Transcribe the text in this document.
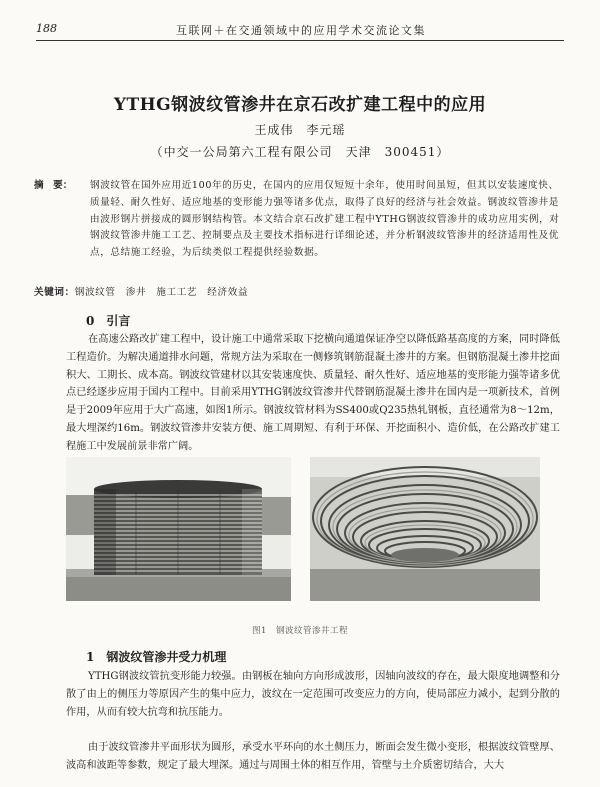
188	互联网＋在交通领域中的应用学术交流论文集
YTHG钢波纹管渗井在京石改扩建工程中的应用
王成伟　李元瑶
（中交一公局第六工程有限公司　天津　300451）
摘　要：	钢波纹管在国外应用近100年的历史，在国内的应用仅短短十余年，使用时间虽短，但其以安装速度快、质量轻、耐久性好、适应地基的变形能力强等诸多优点，取得了良好的经济与社会效益。钢波纹管渗井是由波形钢片拼接成的圆形钢结构管。本文结合京石改扩建工程中YTHG钢波纹管渗井的成功应用实例，对钢波纹管渗井施工工艺、控制要点及主要技术指标进行详细论述，并分析钢波纹管渗井的经济适用性及优点，总结施工经验，为后续类似工程提供经验数据。
关键词：钢波纹管　渗井　施工工艺　经济效益
0 引言
在高速公路改扩建工程中，设计施工中通常采取下挖横向通道保证净空以降低路基高度的方案，同时降低工程造价。为解决通道排水问题，常规方法为采取在一侧修筑钢筋混凝土渗井的方案。但钢筋混凝土渗井挖面积大、工期长、成本高。钢波纹管建材以其安装速度快、质量轻、耐久性好、适应地基的变形能力强等诸多优点已经逐步应用于国内工程中。目前采用YTHG钢波纹管渗井代替钢筋混凝土渗井在国内是一项新技术，首例是于2009年应用于大广高速，如图1所示。钢波纹管材料为SS400或Q235热轧钢板，直径通常为8～12m，最大埋深约16m。钢波纹管渗井安装方便、施工周期短、有利于环保、开挖面积小、造价低，在公路改扩建工程施工中发展前景非常广阔。
图1　钢波纹管渗井工程
1 钢波纹管渗井受力机理
YTHG钢波纹管抗变形能力较强。由钢板在轴向方向形成波形，因轴向波纹的存在，最大限度地调整和分散了由上的侧压力等原因产生的集中应力，波纹在一定范围可改变应力的方向，使局部应力减小，起到分散的作用，从而有较大抗弯和抗压能力。
由于波纹管渗井平面形状为圆形，承受水平环向的水土侧压力，断面会发生微小变形，根据波纹管壁厚、波高和波距等参数，规定了最大埋深。通过与周围土体的相互作用，管壁与土介质密切结合，大大
